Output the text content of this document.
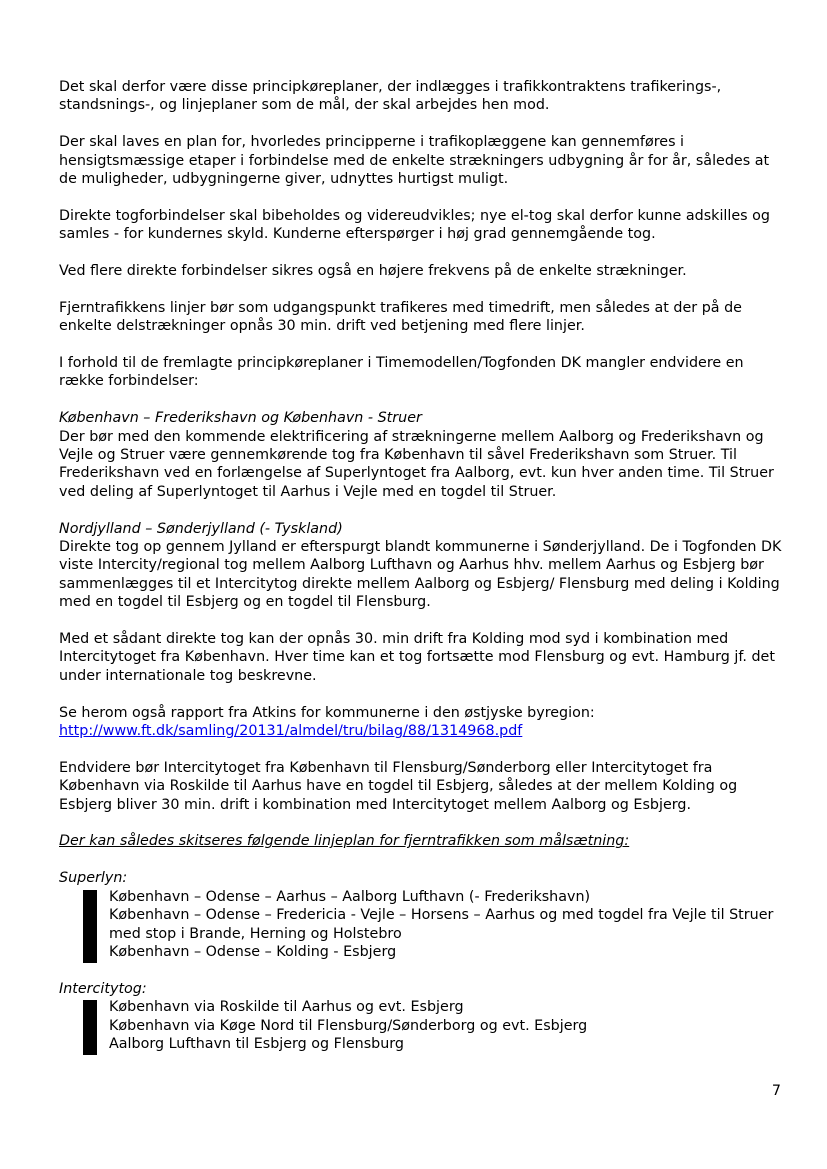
Det skal derfor være disse principkøreplaner, der indlægges i trafikkontraktens trafikerings-, standsnings-, og linjeplaner som de mål, der skal arbejdes hen mod.

Der skal laves en plan for, hvorledes principperne i trafikoplæggene kan gennemføres i hensigtsmæssige etaper i forbindelse med de enkelte strækningers udbygning år for år, således at de muligheder, udbygningerne giver, udnyttes hurtigst muligt.

Direkte togforbindelser skal bibeholdes og videreudvikles; nye el-tog skal derfor kunne adskilles og samles - for kundernes skyld. Kunderne efterspørger i høj grad gennemgående tog.

Ved flere direkte forbindelser sikres også en højere frekvens på de enkelte strækninger.

Fjerntrafikkens linjer bør som udgangspunkt trafikeres med timedrift, men således at der på de enkelte delstrækninger opnås 30 min. drift ved betjening med flere linjer.

I forhold til de fremlagte principkøreplaner i Timemodellen/Togfonden DK mangler endvidere en række forbindelser:

København – Frederikshavn og København - Struer
Der bør med den kommende elektrificering af strækningerne mellem Aalborg og Frederikshavn og Vejle og Struer være gennemkørende tog fra København til såvel Frederikshavn som Struer. Til Frederikshavn ved en forlængelse af Superlyntoget fra Aalborg, evt. kun hver anden time. Til Struer ved deling af Superlyntoget til Aarhus i Vejle med en togdel til Struer.

Nordjylland – Sønderjylland (- Tyskland)
Direkte tog op gennem Jylland er efterspurgt blandt kommunerne i Sønderjylland. De i Togfonden DK viste Intercity/regional tog mellem Aalborg Lufthavn og Aarhus hhv. mellem Aarhus og Esbjerg bør sammenlægges til et Intercitytog direkte mellem Aalborg og Esbjerg/ Flensburg med deling i Kolding med en togdel til Esbjerg og en togdel til Flensburg.

Med et sådant direkte tog kan der opnås 30. min drift fra Kolding mod syd i kombination med Intercitytoget fra København. Hver time kan et tog fortsætte mod Flensburg og evt. Hamburg jf. det under internationale tog beskrevne.

Se herom også rapport fra Atkins for kommunerne i den østjyske byregion:
http://www.ft.dk/samling/20131/almdel/tru/bilag/88/1314968.pdf

Endvidere bør Intercitytoget fra København til Flensburg/Sønderborg eller Intercitytoget fra København via Roskilde til Aarhus have en togdel til Esbjerg, således at der mellem Kolding og Esbjerg bliver 30 min. drift i kombination med Intercitytoget mellem Aalborg og Esbjerg.

Der kan således skitseres følgende linjeplan for fjerntrafikken som målsætning:

Superlyn:
København – Odense – Aarhus – Aalborg Lufthavn (- Frederikshavn)
København – Odense – Fredericia - Vejle – Horsens – Aarhus og med togdel fra Vejle til Struer med stop i Brande, Herning og Holstebro
København – Odense – Kolding - Esbjerg
Intercitytog:
København via Roskilde til Aarhus og evt. Esbjerg
København via Køge Nord til Flensburg/Sønderborg og evt. Esbjerg
Aalborg Lufthavn til Esbjerg og Flensburg
7
